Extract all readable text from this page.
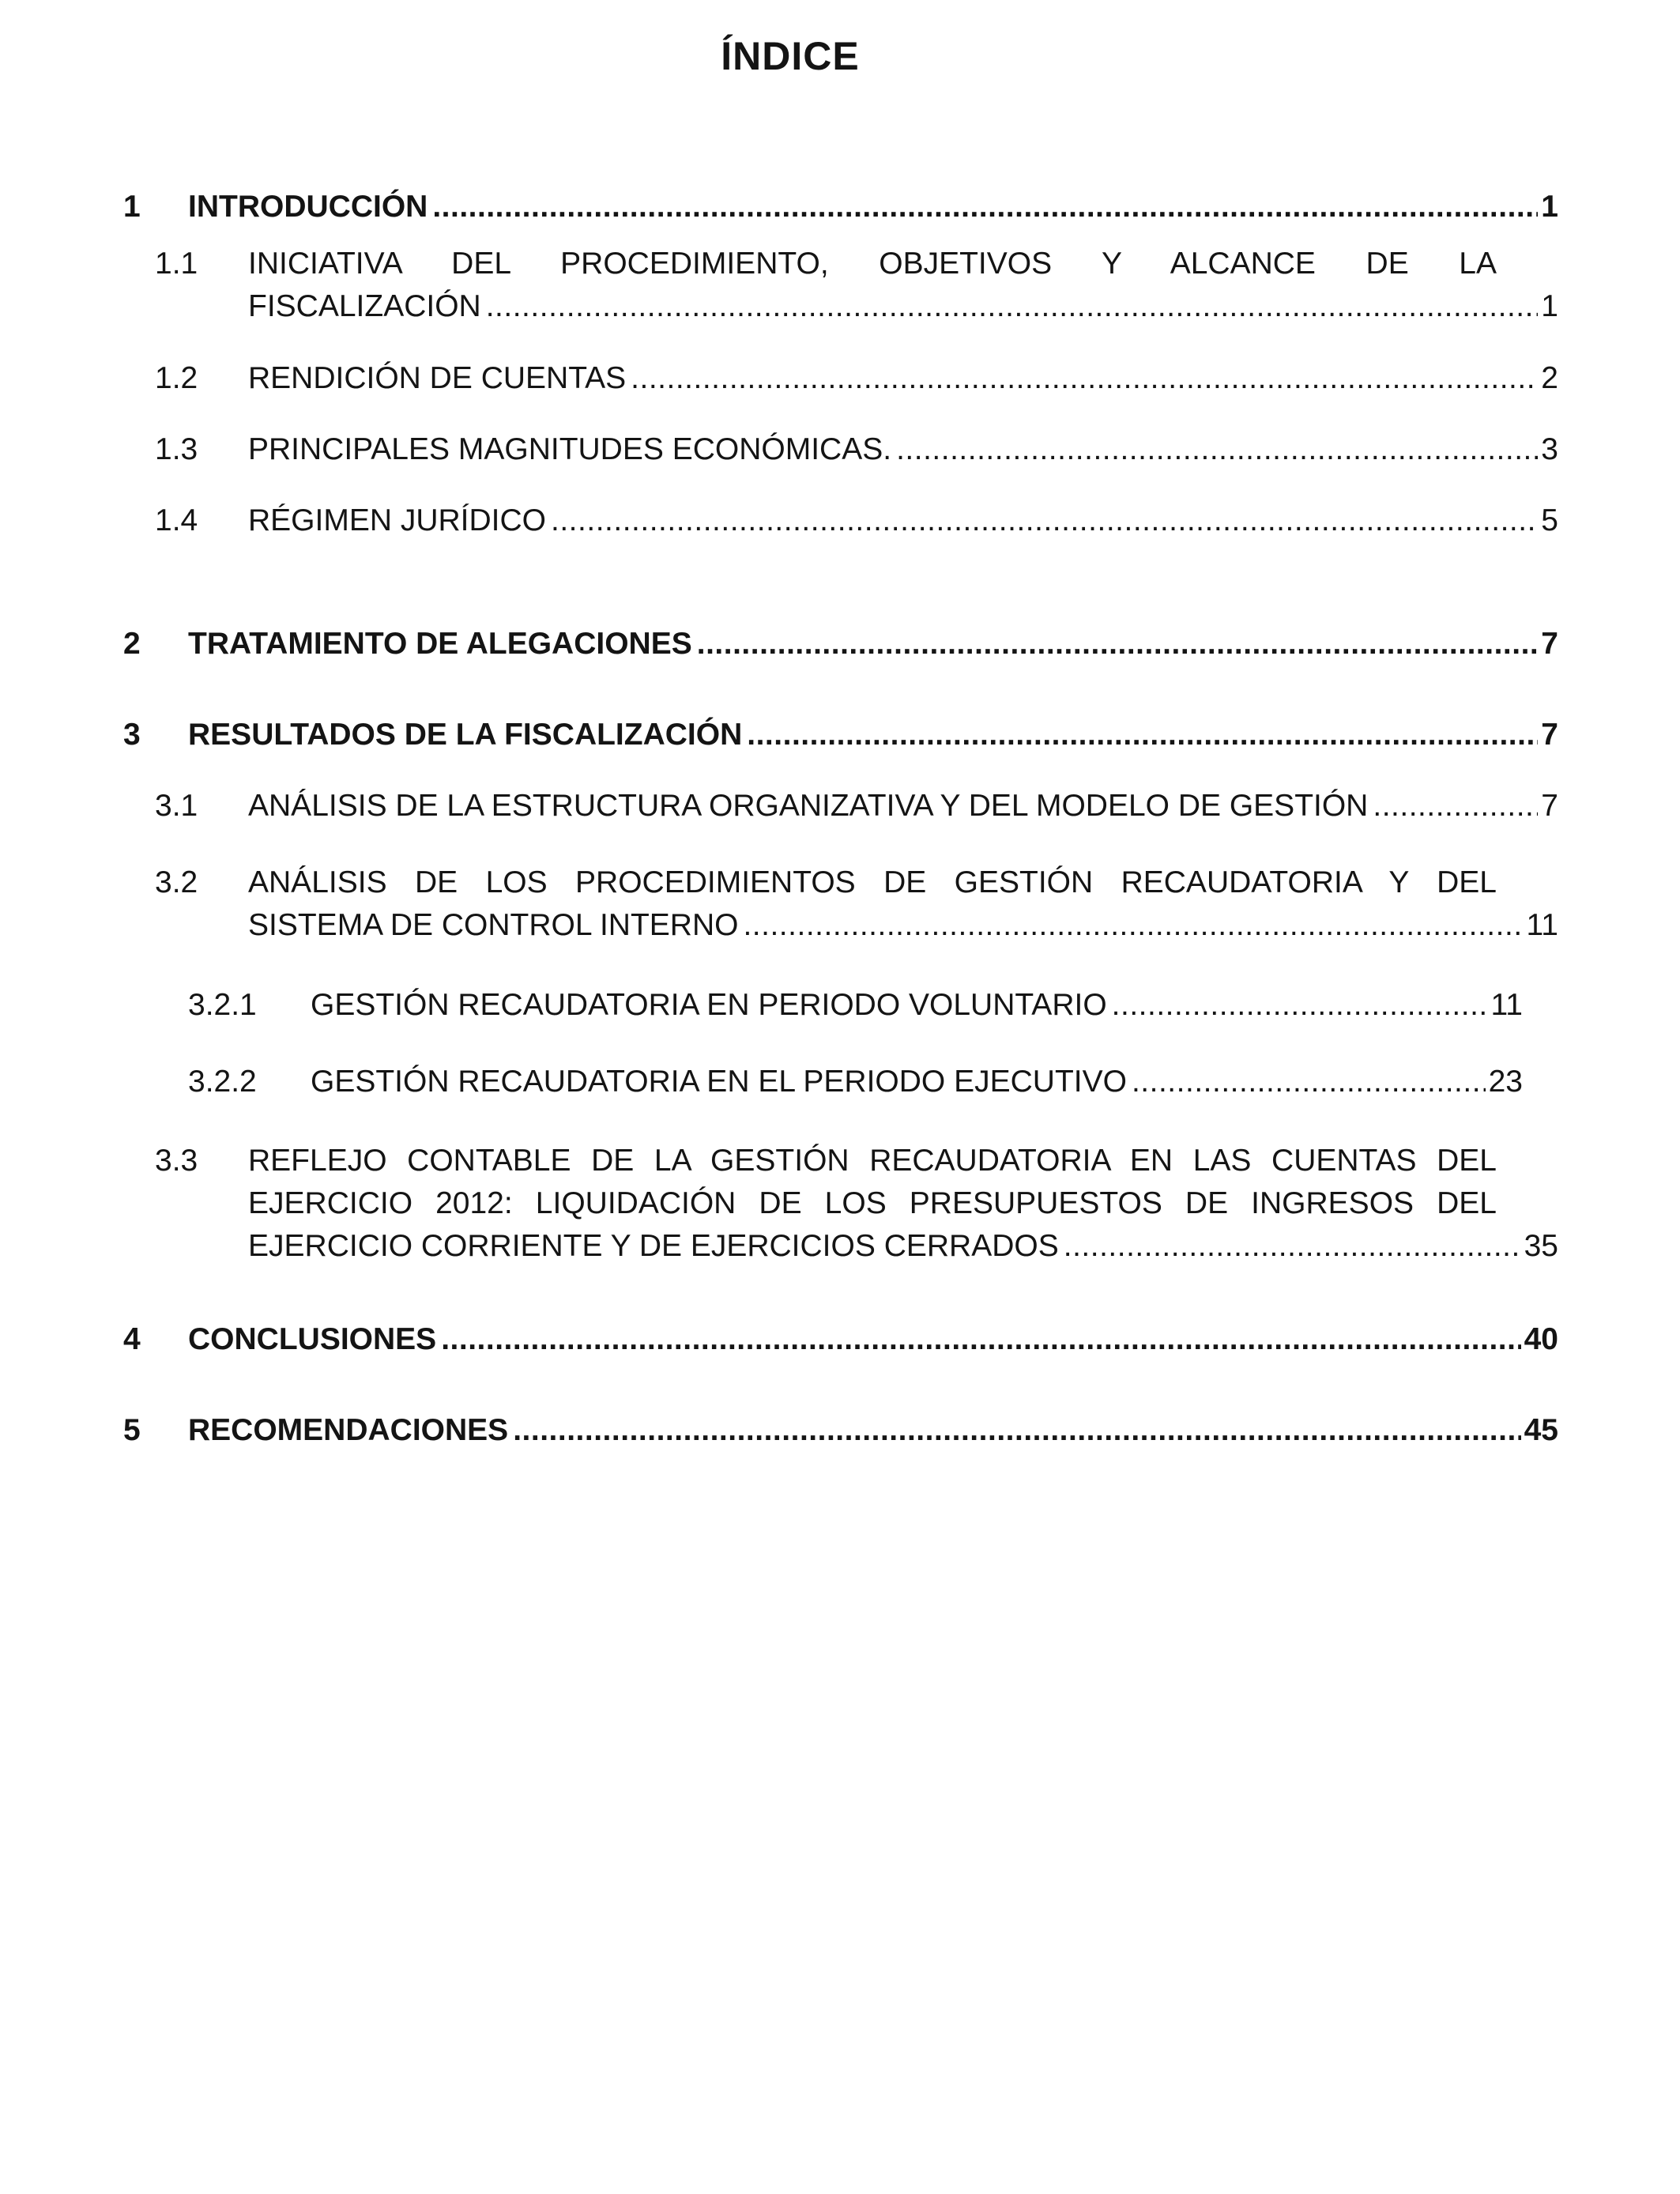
ÍNDICE
1 INTRODUCCIÓN .....	1
1.1 INICIATIVA DEL PROCEDIMIENTO, OBJETIVOS Y ALCANCE DE LA
FISCALIZACIÓN .....	1
1.2 RENDICIÓN DE CUENTAS .....	2
1.3 PRINCIPALES MAGNITUDES ECONÓMICAS. .....	3
1.4 RÉGIMEN JURÍDICO .....	5
2 TRATAMIENTO DE ALEGACIONES .....	7
3 RESULTADOS DE LA FISCALIZACIÓN .....	7
3.1 ANÁLISIS DE LA ESTRUCTURA ORGANIZATIVA Y DEL MODELO DE GESTIÓN .....	7
3.2 ANÁLISIS DE LOS PROCEDIMIENTOS DE GESTIÓN RECAUDATORIA Y DEL
SISTEMA DE CONTROL INTERNO .....	11
3.2.1 GESTIÓN RECAUDATORIA EN PERIODO VOLUNTARIO .....	11
3.2.2 GESTIÓN RECAUDATORIA EN EL PERIODO EJECUTIVO .....	23
3.3 REFLEJO CONTABLE DE LA GESTIÓN RECAUDATORIA EN LAS CUENTAS DEL
EJERCICIO 2012: LIQUIDACIÓN DE LOS PRESUPUESTOS DE INGRESOS DEL
EJERCICIO CORRIENTE Y DE EJERCICIOS CERRADOS .....	35
4 CONCLUSIONES .....	40
5 RECOMENDACIONES .....	45
